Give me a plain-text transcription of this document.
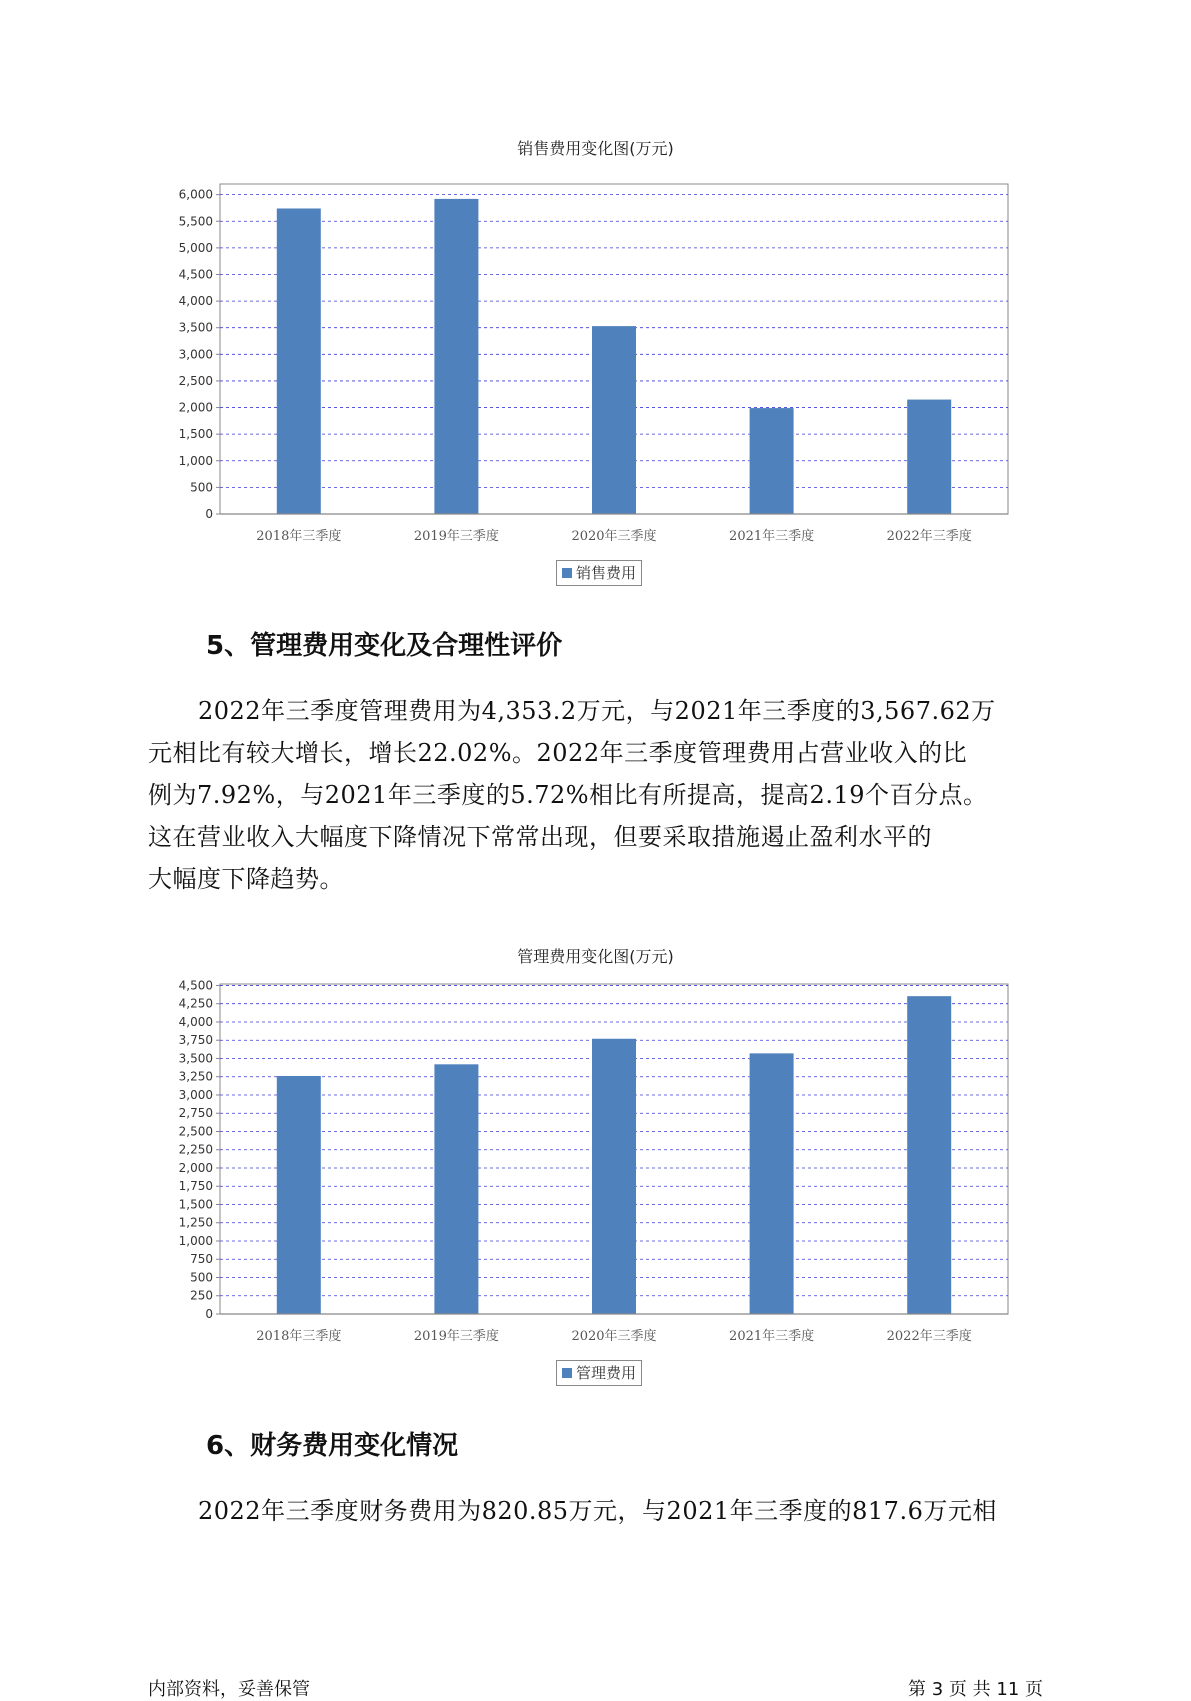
销售费用变化图(万元)
0
500
1,000
1,500
2,000
2,500
3,000
3,500
4,000
4,500
5,000
5,500
6,000
2018年三季度	2019年三季度	2020年三季度	2021年三季度	2022年三季度
销售费用
5、管理费用变化及合理性评价
2022年三季度管理费用为4,353.2万元，与2021年三季度的3,567.62万
元相比有较大增长，增长22.02%。2022年三季度管理费用占营业收入的比
例为7.92%，与2021年三季度的5.72%相比有所提高，提高2.19个百分点。
这在营业收入大幅度下降情况下常常出现，但要采取措施遏止盈利水平的
大幅度下降趋势。
管理费用变化图(万元)
0
250
500
750
1,000
1,250
1,500
1,750
2,000
2,250
2,500
2,750
3,000
3,250
3,500
3,750
4,000
4,250
4,500
2018年三季度	2019年三季度	2020年三季度	2021年三季度	2022年三季度
管理费用
6、财务费用变化情况
2022年三季度财务费用为820.85万元，与2021年三季度的817.6万元相
内部资料，妥善保管	第 3 页 共 11 页
